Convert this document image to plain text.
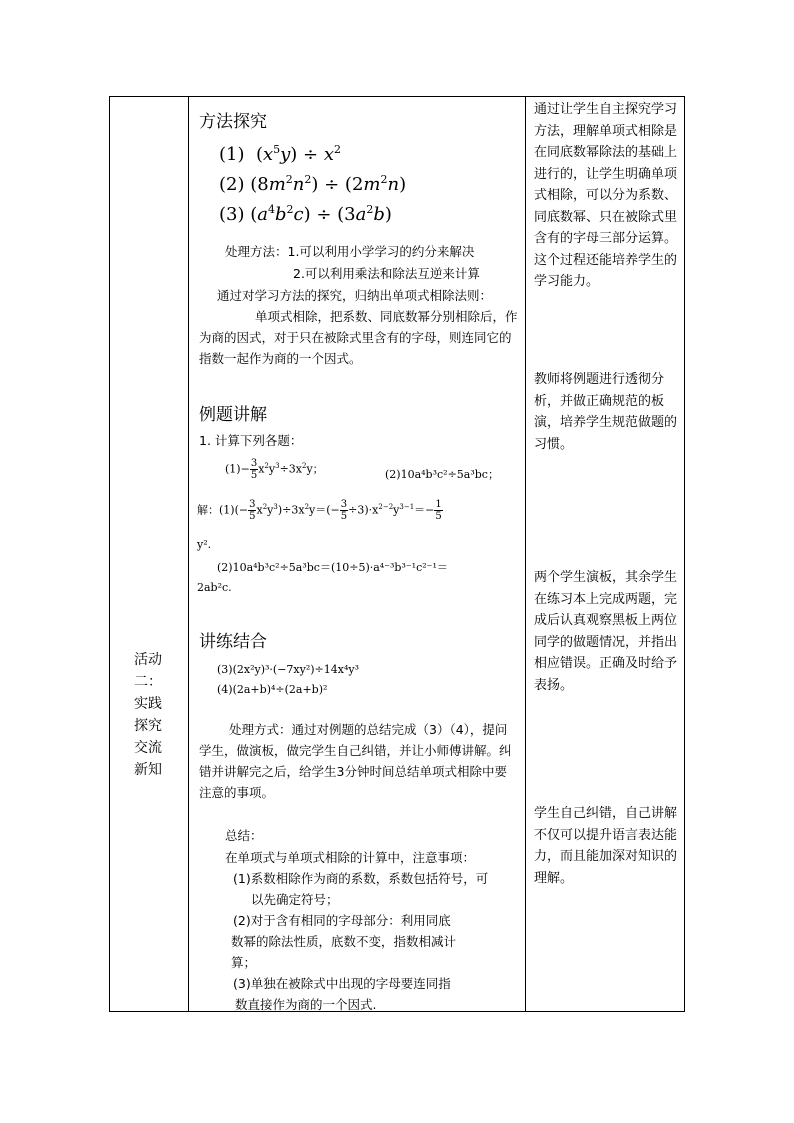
活动二：实践探究交流新知
方法探究
(1)  $(x^5y) \div x^2$
(2) $(8m^2n^2) \div (2m^2n)$
(3) $(a^4b^2c) \div (3a^2b)$
处理方法：1.可以利用小学学习的约分来解决
2.可以利用乘法和除法互逆来计算
通过对学习方法的探究，归纳出单项式相除法则：
单项式相除，把系数、同底数幂分别相除后，作为商的因式，对于只在被除式里含有的字母，则连同它的指数一起作为商的一个因式。
例题讲解
1. 计算下列各题：
$(1)- \frac{3}{5} x^2y^3\div 3x^2y$；	(2)10a⁴b³c²÷5a³bc；
解：$(1)(- \frac{3}{5} x^2y^3)\div 3x^2y=(- \frac{3}{5} \div 3)\cdot x^{2-2}y^{3-1}=- \frac{1}{5}$
y².
(2)10a⁴b³c²÷5a³bc＝(10÷5)·a⁴⁻³b³⁻¹c²⁻¹＝
2ab²c.
讲练结合
(3)(2x²y)³·(−7xy²)÷14x⁴y³
(4)(2a+b)⁴÷(2a+b)²
处理方式：通过对例题的总结完成（3）（4），提问学生，做演板，做完学生自己纠错，并让小师傅讲解。纠错并讲解完之后，给学生3分钟时间总结单项式相除中要注意的事项。
总结：
在单项式与单项式相除的计算中，注意事项：
(1)系数相除作为商的系数，系数包括符号，可
以先确定符号；
(2)对于含有相同的字母部分：利用同底
数幂的除法性质，底数不变，指数相减计
算；
(3)单独在被除式中出现的字母要连同指
数直接作为商的一个因式.
通过让学生自主探究学习方法，理解单项式相除是在同底数幂除法的基础上进行的，让学生明确单项式相除，可以分为系数、同底数幂、只在被除式里含有的字母三部分运算。这个过程还能培养学生的学习能力。
教师将例题进行透彻分析，并做正确规范的板演，培养学生规范做题的习惯。
两个学生演板，其余学生在练习本上完成两题，完成后认真观察黑板上两位同学的做题情况，并指出相应错误。正确及时给予表扬。
学生自己纠错，自己讲解不仅可以提升语言表达能力，而且能加深对知识的理解。
